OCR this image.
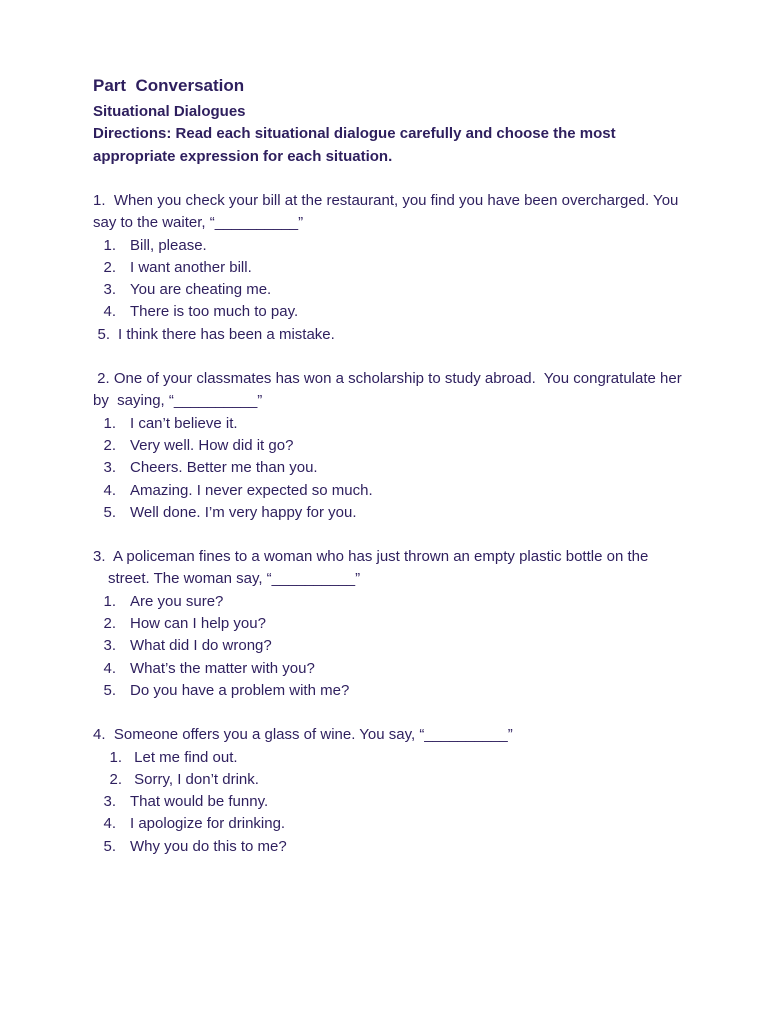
Part  Conversation

Situational Dialogues

Directions: Read each situational dialogue carefully and choose the most appropriate expression for each situation.

1.  When you check your bill at the restaurant, you find you have been overcharged. You  say to the waiter, “__________”

1. Bill, please.
2. I want another bill.
3. You are cheating me.
4. There is too much to pay.
5. I think there has been a mistake.

2. One of your classmates has won a scholarship to study abroad.  You congratulate her by  saying, “__________”

1. I can’t believe it.
2. Very well. How did it go?
3. Cheers. Better me than you.
4. Amazing. I never expected so much.
5. Well done. I’m very happy for you.

3.  A policeman fines to a woman who has just thrown an empty plastic bottle on the street. The woman say, “__________”

1. Are you sure?
2. How can I help you?
3. What did I do wrong?
4. What’s the matter with you?
5. Do you have a problem with me?

4.  Someone offers you a glass of wine. You say, “__________”

1. Let me find out.
2. Sorry, I don’t drink.
3. That would be funny.
4. I apologize for drinking.
5. Why you do this to me?
